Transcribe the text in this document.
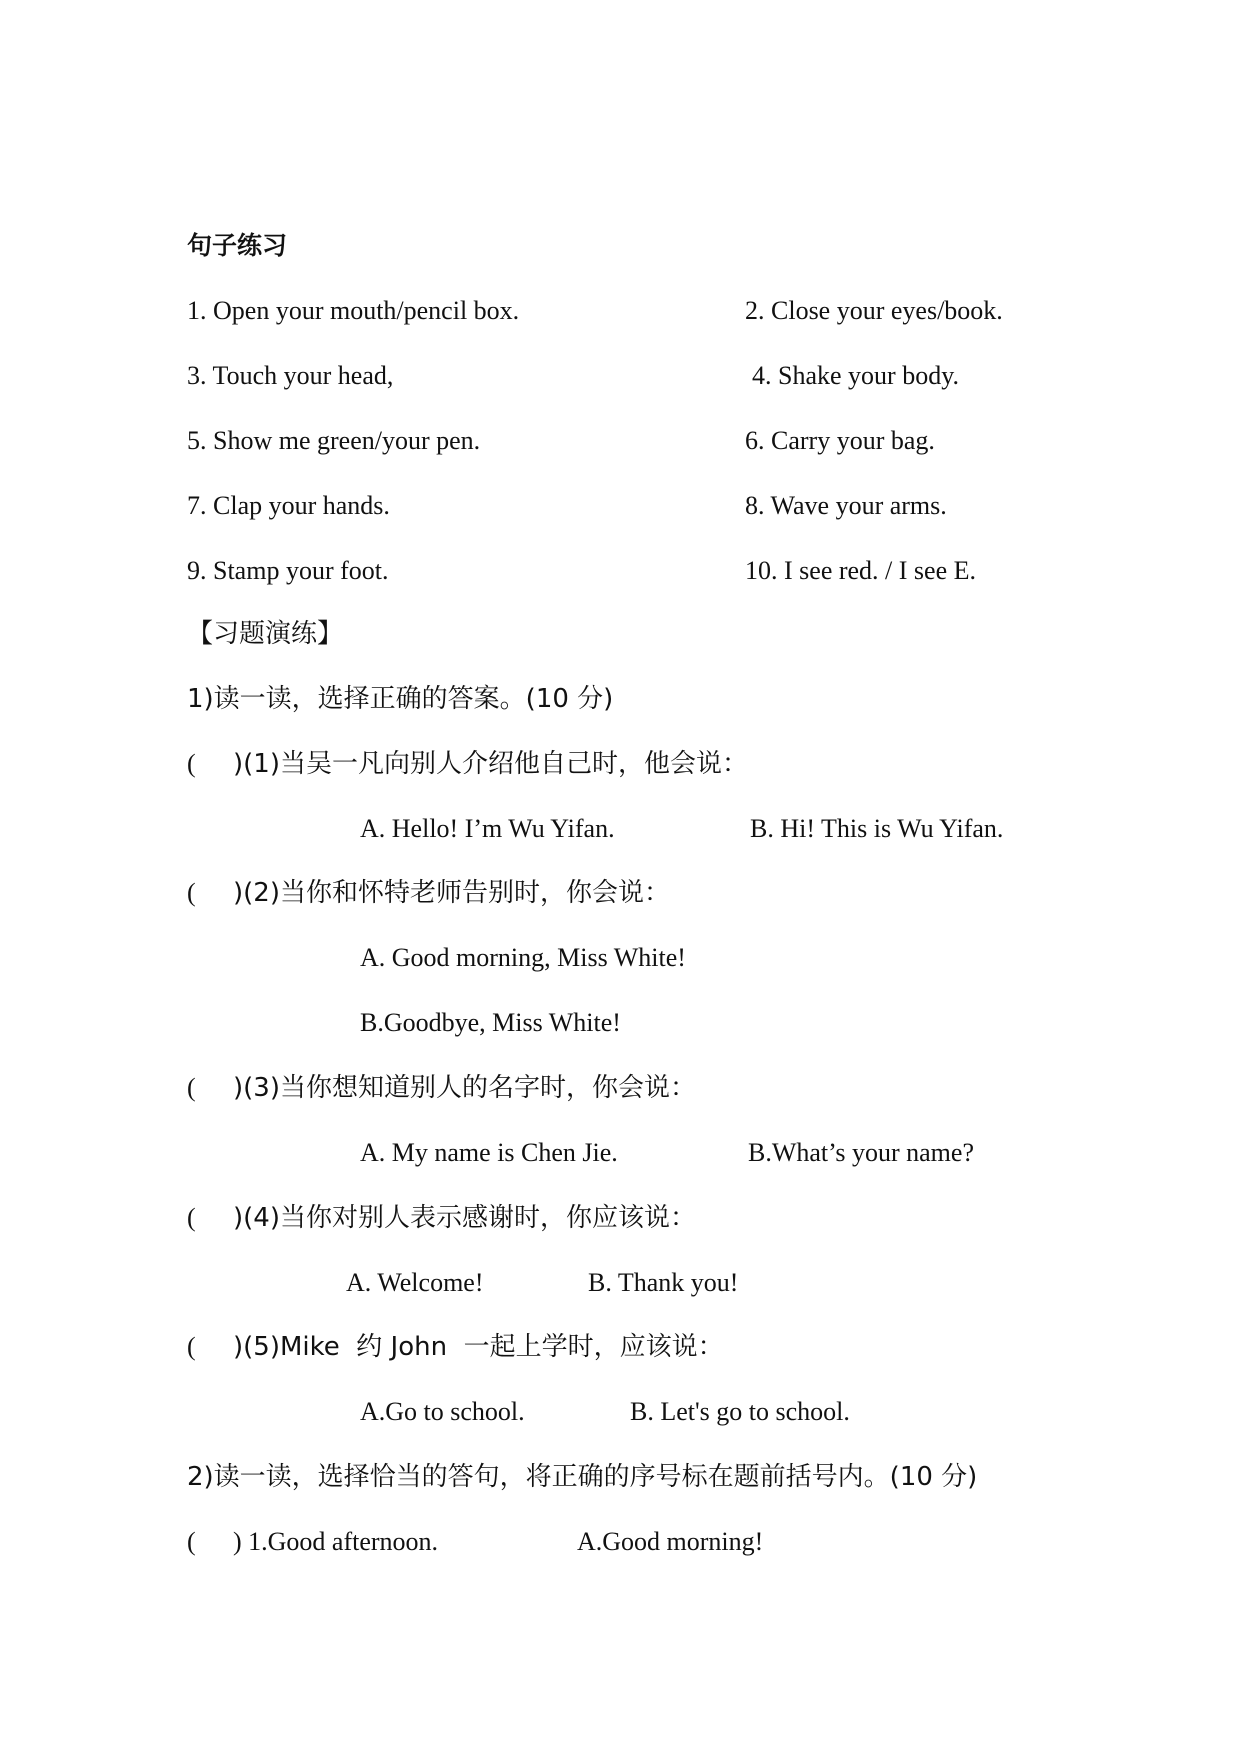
句子练习
1. Open your mouth/pencil box.	2. Close your eyes/book.
3. Touch your head,	4. Shake your body.
5. Show me green/your pen.	6. Carry your bag.
7. Clap your hands.	8. Wave your arms.
9. Stamp your foot.	10. I see red. / I see E.
【习题演练】
1)读一读，选择正确的答案。(10 分)
( )(1)当吴一凡向别人介绍他自己时，他会说：
A. Hello! I’m Wu Yifan.	B. Hi! This is Wu Yifan.
( )(2)当你和怀特老师告别时，你会说：
A. Good morning, Miss White!
B.Goodbye, Miss White!
( )(3)当你想知道别人的名字时，你会说：
A. My name is Chen Jie.	B.What’s your name?
( )(4)当你对别人表示感谢时，你应该说：
A. Welcome!	B. Thank you!
( )(5)Mike  约 John  一起上学时，应该说：
A.Go to school.	B. Let's go to school.
2)读一读，选择恰当的答句，将正确的序号标在题前括号内。(10 分)
( ) 1.Good afternoon.	A.Good morning!
